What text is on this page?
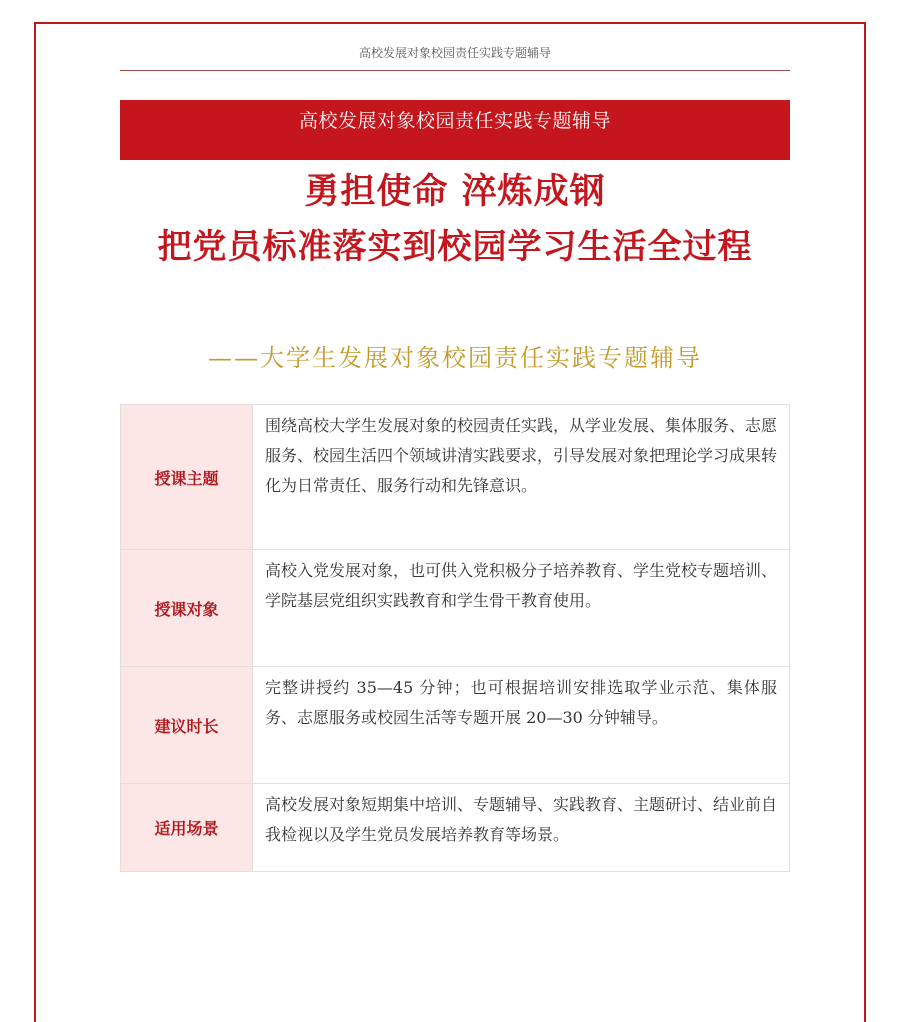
高校发展对象校园责任实践专题辅导
高校发展对象校园责任实践专题辅导
勇担使命 淬炼成钢
把党员标准落实到校园学习生活全过程
——大学生发展对象校园责任实践专题辅导
授课主题	围绕高校大学生发展对象的校园责任实践，从学业发展、集体服务、志愿服务、校园生活四个领域讲清实践要求，引导发展对象把理论学习成果转化为日常责任、服务行动和先锋意识。
授课对象	高校入党发展对象，也可供入党积极分子培养教育、学生党校专题培训、学院基层党组织实践教育和学生骨干教育使用。
建议时长	完整讲授约 35—45 分钟；也可根据培训安排选取学业示范、集体服务、志愿服务或校园生活等专题开展 20—30 分钟辅导。
适用场景	高校发展对象短期集中培训、专题辅导、实践教育、主题研讨、结业前自我检视以及学生党员发展培养教育等场景。
